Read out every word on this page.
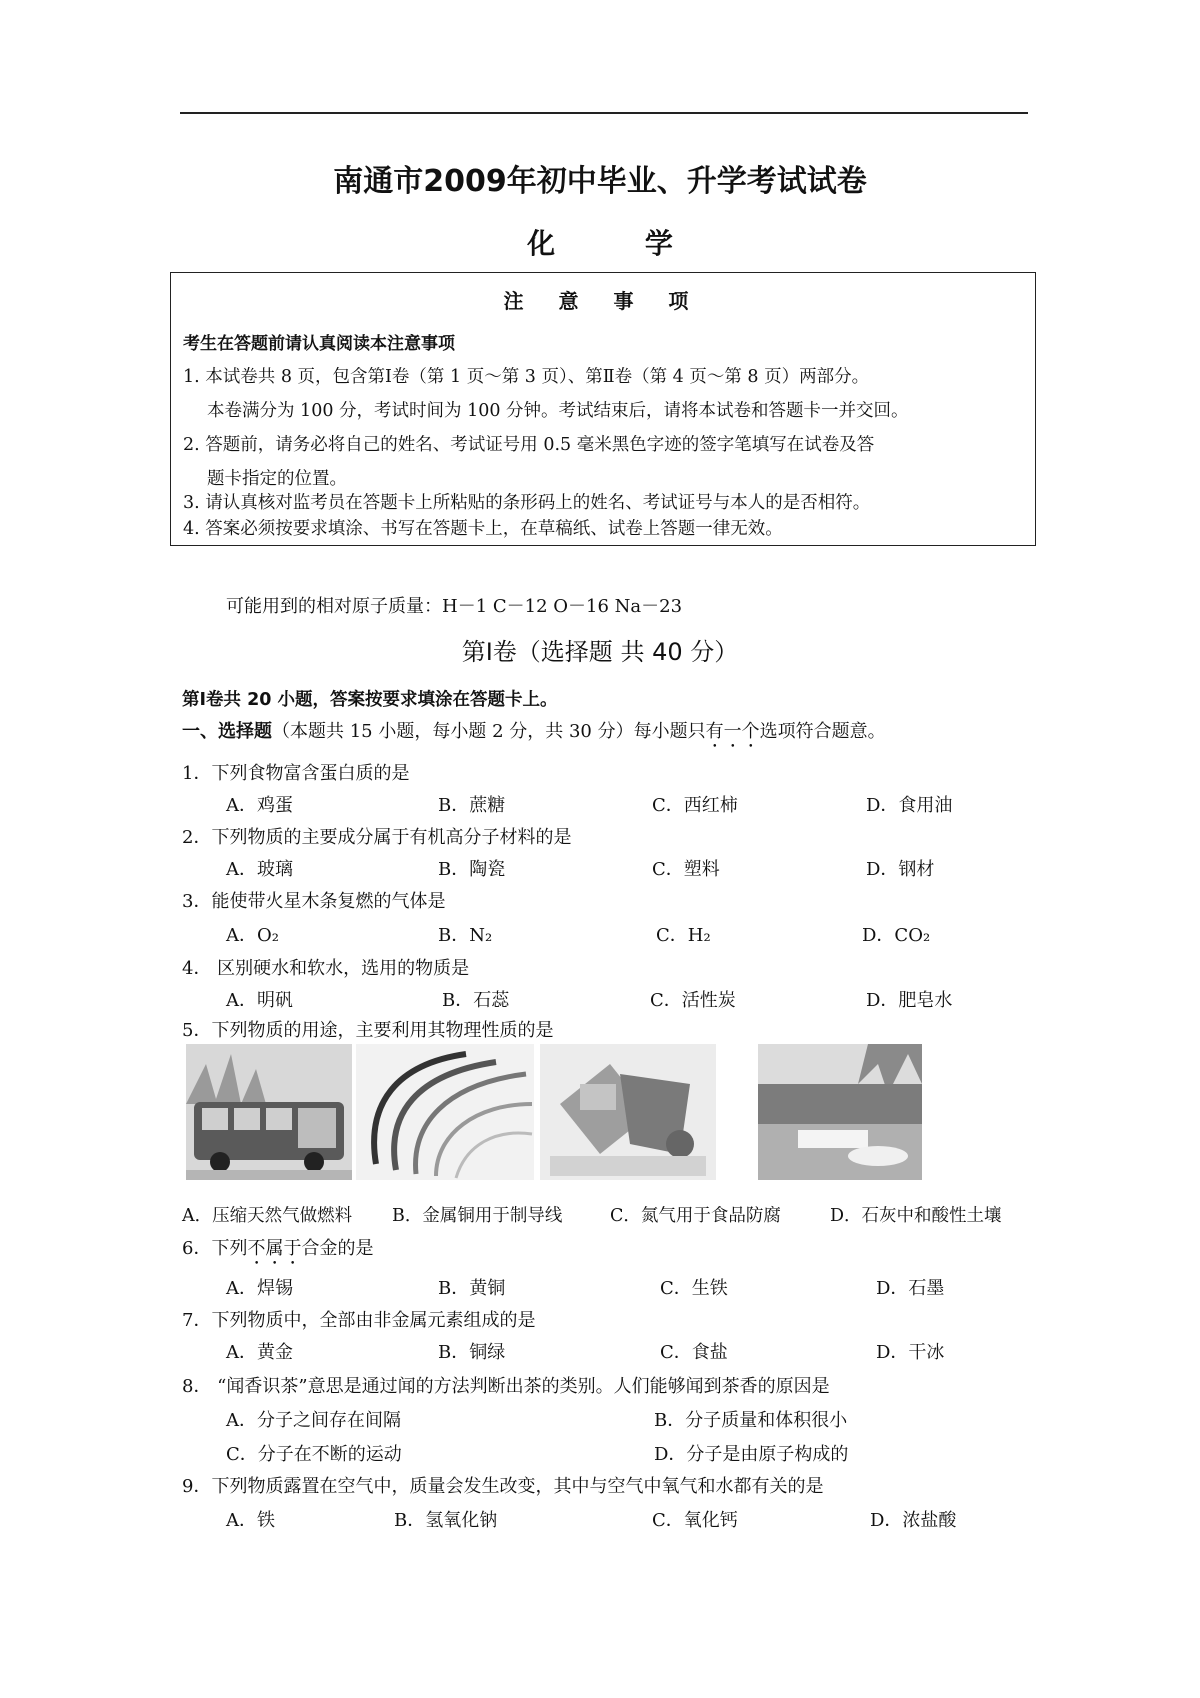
南通市2009年初中毕业、升学考试试卷
化 学
注 意 事 项
考生在答题前请认真阅读本注意事项
1. 本试卷共 8 页，包含第Ⅰ卷（第 1 页～第 3 页）、第Ⅱ卷（第 4 页～第 8 页）两部分。
本卷满分为 100 分，考试时间为 100 分钟。考试结束后，请将本试卷和答题卡一并交回。
2. 答题前，请务必将自己的姓名、考试证号用 0.5 毫米黑色字迹的签字笔填写在试卷及答
题卡指定的位置。
3. 请认真核对监考员在答题卡上所粘贴的条形码上的姓名、考试证号与本人的是否相符。
4. 答案必须按要求填涂、书写在答题卡上，在草稿纸、试卷上答题一律无效。
可能用到的相对原子质量：H－1 C－12 O－16 Na－23
第Ⅰ卷（选择题 共 40 分）
第Ⅰ卷共 20 小题，答案按要求填涂在答题卡上。
一、选择题（本题共 15 小题，每小题 2 分，共 30 分）每小题只有一个选项符合题意。
1．下列食物富含蛋白质的是
A．鸡蛋	B．蔗糖	C．西红柿	D．食用油
2．下列物质的主要成分属于有机高分子材料的是
A．玻璃	B．陶瓷	C．塑料	D．钢材
3．能使带火星木条复燃的气体是
A．O₂	B．N₂	C．H₂	D．CO₂
4． 区别硬水和软水，选用的物质是
A．明矾	B．石蕊	C．活性炭	D．肥皂水
5．下列物质的用途，主要利用其物理性质的是
A．压缩天然气做燃料 B．金属铜用于制导线	C．氮气用于食品防腐	D．石灰中和酸性土壤
6．下列不属于合金的是
A．焊锡	B．黄铜	C．生铁	D．石墨
7．下列物质中，全部由非金属元素组成的是
A．黄金	B．铜绿	C．食盐	D．干冰
8． “闻香识茶”意思是通过闻的方法判断出茶的类别。人们能够闻到茶香的原因是
A．分子之间存在间隔	B．分子质量和体积很小
C．分子在不断的运动	D．分子是由原子构成的
9．下列物质露置在空气中，质量会发生改变，其中与空气中氧气和水都有关的是
A．铁	B．氢氧化钠	C．氧化钙	D．浓盐酸
